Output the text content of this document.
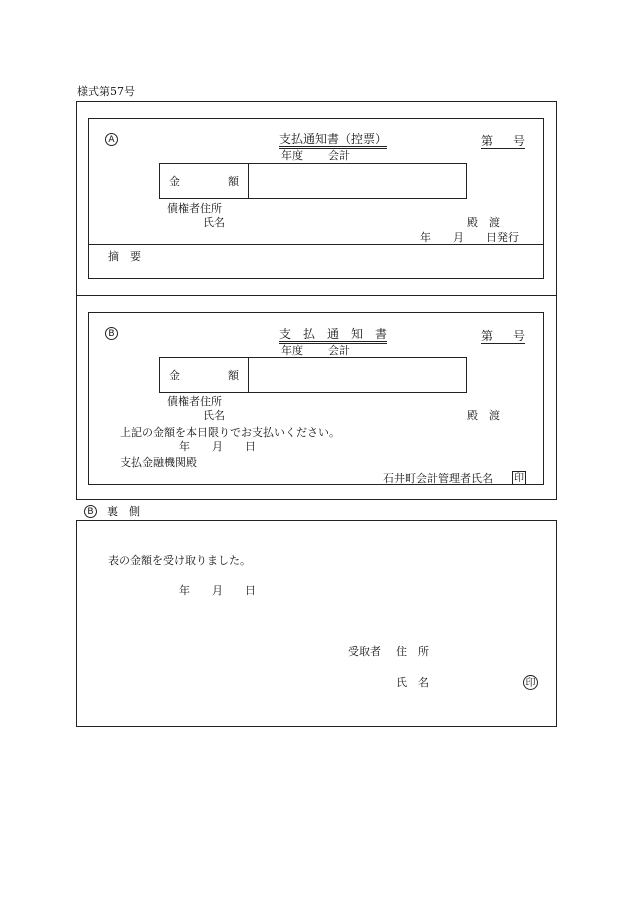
様式第57号
A	支払通知書（控票）	第 号
年度 会計
金	額
債権者住所
氏名	殿　渡
年　　月　　日発行
摘　要
B	支　払　通　知　書	第 号
年度 会計
金	額
債権者住所
氏名	殿　渡
上記の金額を本日限りでお支払いください。
年　　月　　日
支払金融機関殿
石井町会計管理者氏名 印
B	裏　側
表の金額を受け取りました。
年　　月　　日
受取者 住　所
氏　名	印
